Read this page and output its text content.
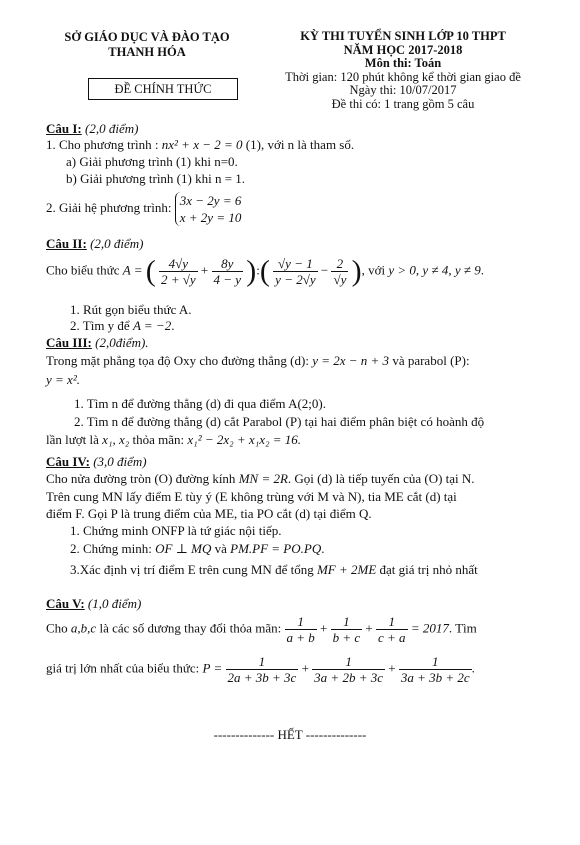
SỞ GIÁO DỤC VÀ ĐÀO TẠO
THANH HÓA
ĐỀ CHÍNH THỨC
KỲ THI TUYỂN SINH LỚP 10 THPT
NĂM HỌC 2017-2018
Môn thi: Toán
Thời gian: 120 phút không kể thời gian giao đề
Ngày thi: 10/07/2017
Đề thi có: 1 trang gồm 5 câu
Câu I: (2,0 điểm)
1. Cho phương trình : nx² + x − 2 = 0 (1), với n là tham số.
a) Giải phương trình (1) khi n=0.
b) Giải phương trình (1) khi n = 1.
2. Giải hệ phương trình: 3x − 2y = 6
x + 2y = 10
Câu II: (2,0 điểm)
Cho biểu thức A = ( $\frac{4√y}{2 + √y} + \frac{8y}{4 - y}$ ):( $\frac{√y - 1}{y - 2√y} - \frac{2}{√y}$ ), với y > 0, y ≠ 4, y ≠ 9.
1. Rút gọn biểu thức A.
2. Tìm y để A = −2.
Câu III: (2,0điểm).
Trong mặt phẳng tọa độ Oxy cho đường thẳng (d): y = 2x − n + 3 và parabol (P):
y = x².
1. Tìm n để đường thẳng (d) đi qua điểm A(2;0).
2. Tìm n để đường thẳng (d) cắt Parabol (P) tại hai điểm phân biệt có hoành độ
lần lượt là x₁, x₂ thỏa mãn: x₁² − 2x₂ + x₁x₂ = 16.
Câu IV: (3,0 điểm)
Cho nửa đường tròn (O) đường kính MN = 2R. Gọi (d) là tiếp tuyến của (O) tại N.
Trên cung MN lấy điểm E tùy ý (E không trùng với M và N), tia ME cắt (d) tại
điểm F. Gọi P là trung điểm của ME, tia PO cắt (d) tại điểm Q.
1. Chứng minh ONFP là tứ giác nội tiếp.
2. Chứng minh: OF ⊥ MQ và PM.PF = PO.PQ.
3.Xác định vị trí điểm E trên cung MN để tổng MF + 2ME đạt giá trị nhỏ nhất
Câu V: (1,0 điểm)
Cho a,b,c là các số dương thay đổi thỏa mãn: $\frac{1}{a + b} + \frac{1}{b + c} + \frac{1}{c + a} = 2017$. Tìm
giá trị lớn nhất của biểu thức: $P = \frac{1}{2a + 3b + 3c} + \frac{1}{3a + 2b + 3c} + \frac{1}{3a + 3b + 2c}$ .
-------------- HẾT --------------
